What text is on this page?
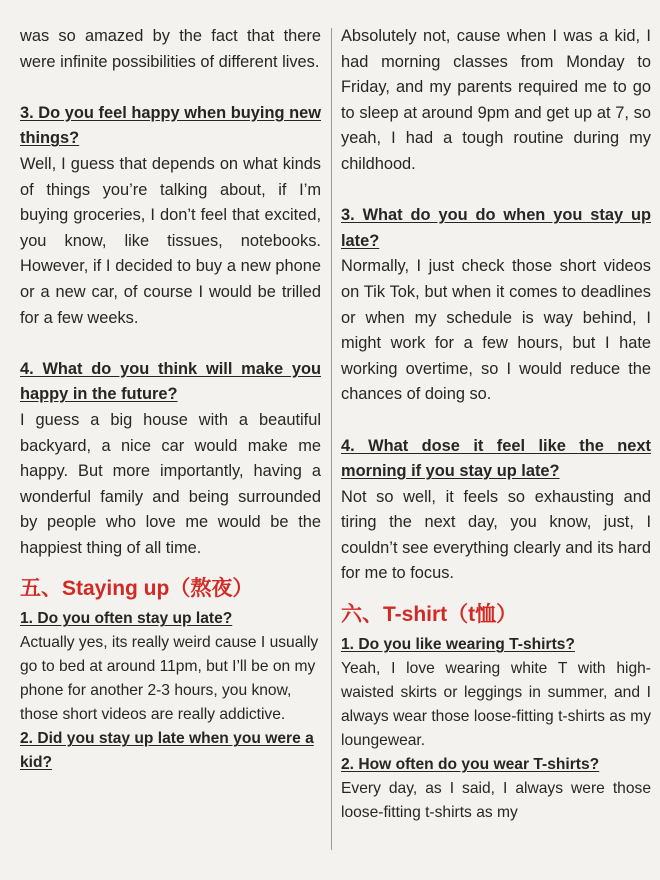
was so amazed by the fact that there were infinite possibilities of different lives.

3. Do you feel happy when buying new things?

Well, I guess that depends on what kinds of things you’re talking about, if I’m buying groceries, I don’t feel that excited, you know, like tissues, notebooks. However, if I decided to buy a new phone or a new car, of course I would be trilled for a few weeks.

4. What do you think will make you happy in the future?

I guess a big house with a beautiful backyard, a nice car would make me happy. But more importantly, having a wonderful family and being surrounded by people who love me would be the happiest thing of all time.

五、Staying up（熬夜）

1. Do you often stay up late?

Actually yes, its really weird cause I usually go to bed at around 11pm, but I’ll be on my phone for another 2-3 hours, you know, those short videos are really addictive.

2. Did you stay up late when you were a kid?

Absolutely not, cause when I was a kid, I had morning classes from Monday to Friday, and my parents required me to go to sleep at around 9pm and get up at 7, so yeah, I had a tough routine during my childhood.

3. What do you do when you stay up late?

Normally, I just check those short videos on Tik Tok, but when it comes to deadlines or when my schedule is way behind, I might work for a few hours, but I hate working overtime, so I would reduce the chances of doing so.

4. What dose it feel like the next morning if you stay up late?

Not so well, it feels so exhausting and tiring the next day, you know, just, I couldn’t see everything clearly and its hard for me to focus.

六、T-shirt（t恤）

1. Do you like wearing T-shirts?

Yeah, I love wearing white T with high-waisted skirts or leggings in summer, and I always wear those loose-fitting t-shirts as my loungewear.

2. How often do you wear T-shirts?

Every day, as I said, I always were those loose-fitting t-shirts as my
